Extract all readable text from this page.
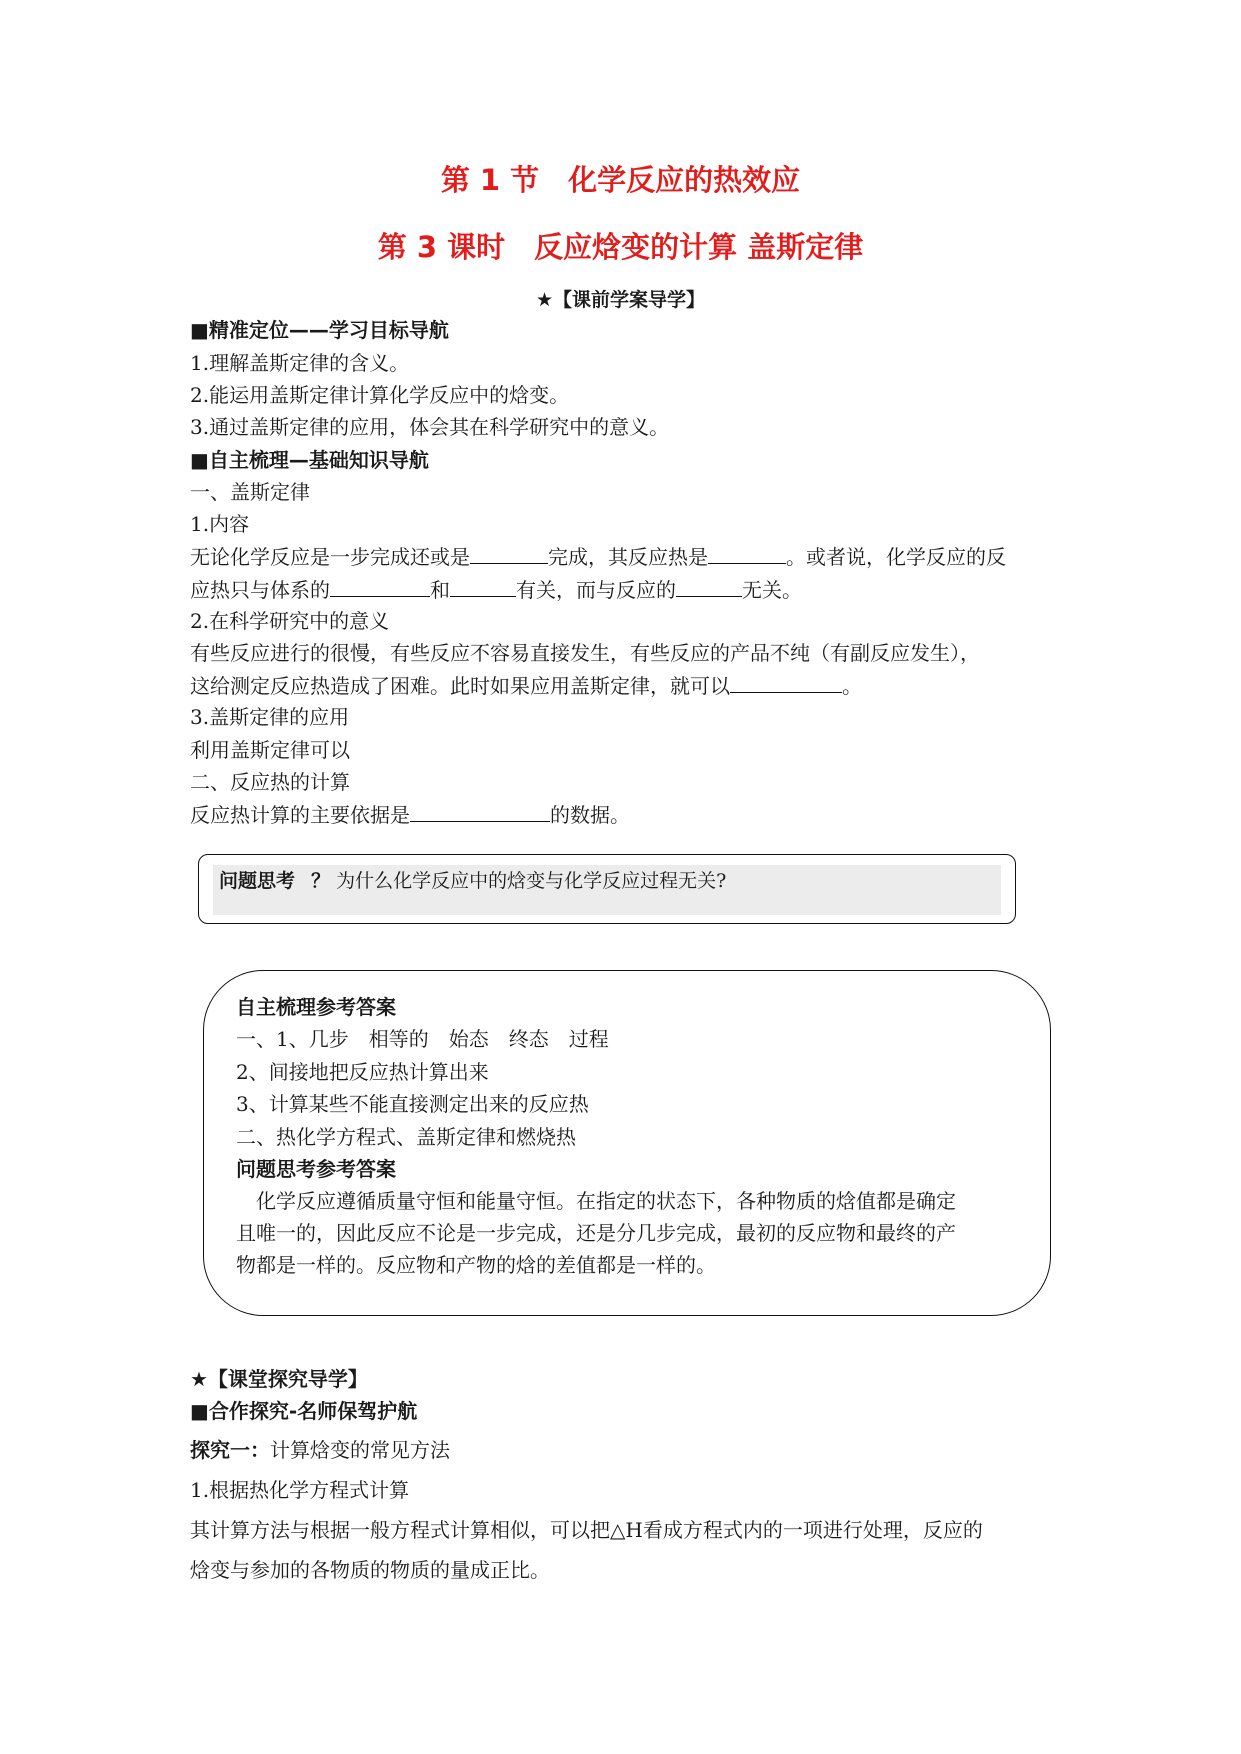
第 1 节　化学反应的热效应
第 3 课时　反应焓变的计算 盖斯定律
★【课前学案导学】
■精准定位——学习目标导航
1.理解盖斯定律的含义。
2.能运用盖斯定律计算化学反应中的焓变。
3.通过盖斯定律的应用，体会其在科学研究中的意义。
■自主梳理—基础知识导航
一、盖斯定律
1.内容
无论化学反应是一步完成还或是	完成，其反应热是	。或者说，化学反应的反
应热只与体系的	和	有关，而与反应的	无关。
2.在科学研究中的意义
有些反应进行的很慢，有些反应不容易直接发生，有些反应的产品不纯（有副反应发生），
这给测定反应热造成了困难。此时如果应用盖斯定律，就可以	。
3.盖斯定律的应用
利用盖斯定律可以
二、反应热的计算
反应热计算的主要依据是	的数据。
问题思考 ？ 为什么化学反应中的焓变与化学反应过程无关?
自主梳理参考答案
一、1、几步　相等的　始态　终态　过程
2、间接地把反应热计算出来
3、计算某些不能直接测定出来的反应热
二、热化学方程式、盖斯定律和燃烧热
问题思考参考答案
　化学反应遵循质量守恒和能量守恒。在指定的状态下，各种物质的焓值都是确定
且唯一的，因此反应不论是一步完成，还是分几步完成，最初的反应物和最终的产
物都是一样的。反应物和产物的焓的差值都是一样的。
★【课堂探究导学】
■合作探究-名师保驾护航
探究一：计算焓变的常见方法
1.根据热化学方程式计算
其计算方法与根据一般方程式计算相似，可以把△H看成方程式内的一项进行处理，反应的
焓变与参加的各物质的物质的量成正比。
